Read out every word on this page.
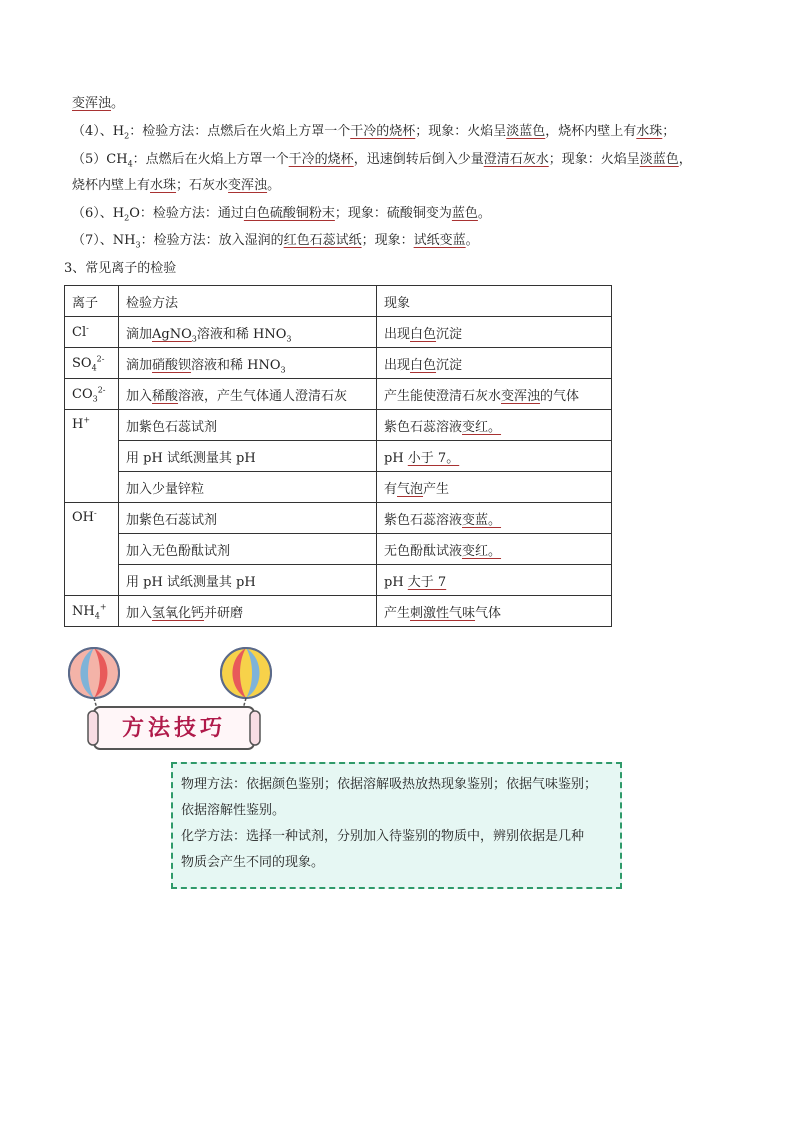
变浑浊。
（4）、$H_2$：检验方法：点燃后在火焰上方罩一个干冷的烧杯；现象：火焰呈淡蓝色，烧杯内壁上有水珠；
$(5)CH_4$：点燃后在火焰上方罩一个干冷的烧杯，迅速倒转后倒入少量澄清石灰水；现象：火焰呈淡蓝色，
烧杯内壁上有水珠；石灰水变浑浊。
（6）、$H_2O$：检验方法：通过白色硫酸铜粉末；现象：硫酸铜变为蓝色。
（7）、$NH_3$：检验方法：放入湿润的红色石蕊试纸；现象：试纸变蓝。
3、常见离子的检验
离子	检验方法	现象
Cl-	滴加AgNO$_3$溶液和稀 $HNO_3$	出现白色沉淀
$SO_4^{2-}$	滴加硝酸钡溶液和稀 $HNO_3$	出现白色沉淀
$CO_3^{2-}$	加入稀酸溶液，产生气体通人澄清石灰	产生能使澄清石灰水变浑浊的气体
H+	加紫色石蕊试剂	紫色石蕊溶液变红。
	用 pH 试纸测量其 pH	pH 小于 7。
	加入少量锌粒	有气泡产生
OH-	加紫色石蕊试剂	紫色石蕊溶液变蓝。
	加入无色酚酞试剂	无色酚酞试液变红。
	用 pH 试纸测量其 pH	pH 大于 7
$NH_4^+$	加入氢氧化钙并研磨	产生刺激性气味气体
方法技巧

物理方法：依据颜色鉴别；依据溶解吸热放热现象鉴别；依据气味鉴别；

依据溶解性鉴别。

化学方法：选择一种试剂，分别加入待鉴别的物质中，辨别依据是几种

物质会产生不同的现象。
